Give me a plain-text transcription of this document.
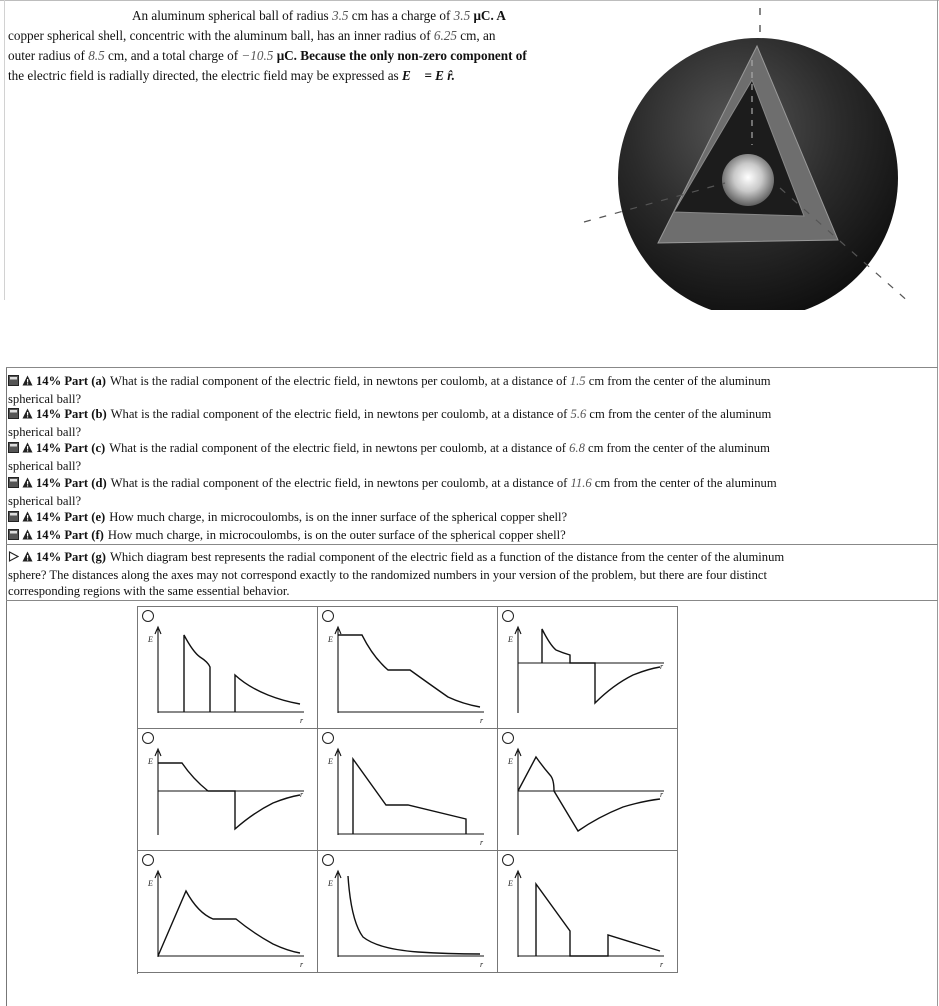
An aluminum spherical ball of radius 3.5 cm has a charge of 3.5 μC. A
copper spherical shell, concentric with the aluminum ball, has an inner radius of 6.25 cm, an
outer radius of 8.5 cm, and a total charge of −10.5 μC. Because the only non-zero component of
the electric field is radially directed, the electric field may be expressed as E⃗ = E r̂.
14% Part (a) What is the radial component of the electric field, in newtons per coulomb, at a distance of 1.5 cm from the center of the aluminum
spherical ball?
14% Part (b) What is the radial component of the electric field, in newtons per coulomb, at a distance of 5.6 cm from the center of the aluminum
spherical ball?
14% Part (c) What is the radial component of the electric field, in newtons per coulomb, at a distance of 6.8 cm from the center of the aluminum
spherical ball?
14% Part (d) What is the radial component of the electric field, in newtons per coulomb, at a distance of 11.6 cm from the center of the aluminum
spherical ball?
14% Part (e) How much charge, in microcoulombs, is on the inner surface of the spherical copper shell?
14% Part (f) How much charge, in microcoulombs, is on the outer surface of the spherical copper shell?
14% Part (g) Which diagram best represents the radial component of the electric field as a function of the distance from the center of the aluminum
sphere? The distances along the axes may not correspond exactly to the randomized numbers in your version of the problem, but there are four distinct
corresponding regions with the same essential behavior.
E
r
E
r
E
r
E
r
E
r
E
r
E
r
E
r
E
r
